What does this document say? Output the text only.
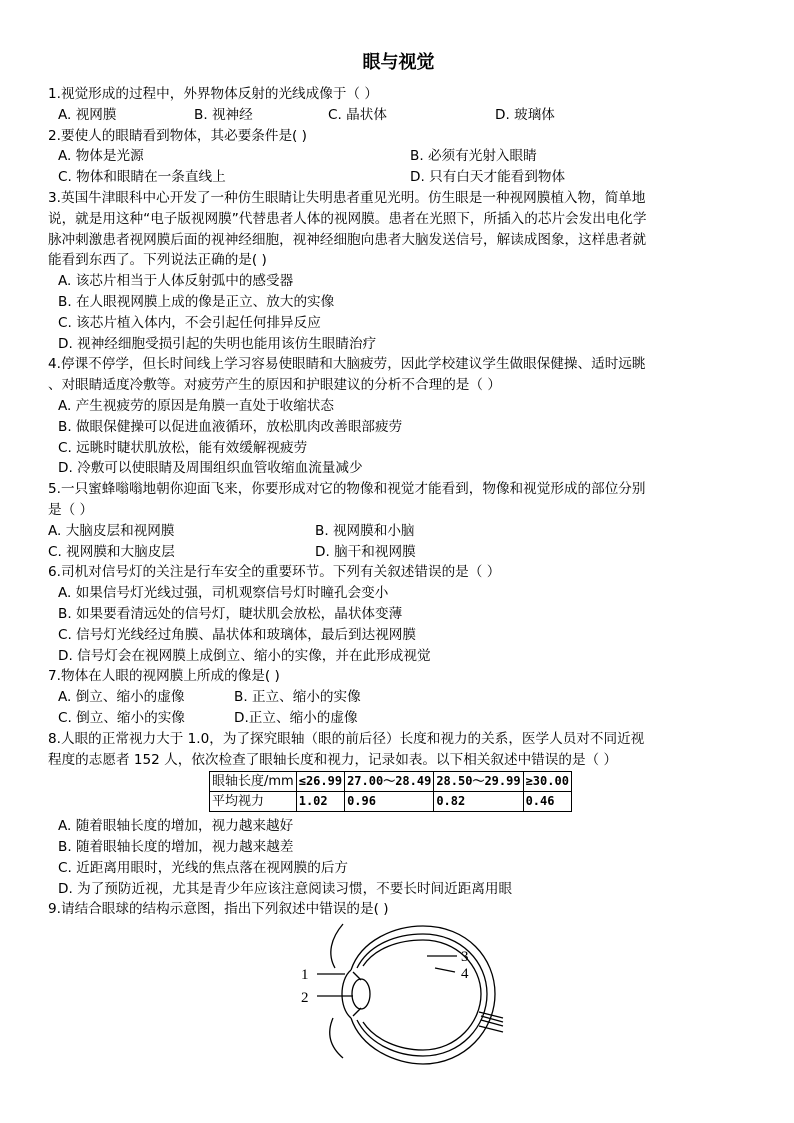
眼与视觉

1.视觉形成的过程中，外界物体反射的光线成像于（ ）

A. 视网膜	B. 视神经	C. 晶状体	D. 玻璃体

2.要使人的眼睛看到物体，其必要条件是( )

A. 物体是光源	B. 必须有光射入眼睛
C. 物体和眼睛在一条直线上	D. 只有白天才能看到物体

3.英国牛津眼科中心开发了一种仿生眼睛让失明患者重见光明。仿生眼是一种视网膜植入物，简单地

说，就是用这种“电子版视网膜”代替患者人体的视网膜。患者在光照下，所插入的芯片会发出电化学

脉冲刺激患者视网膜后面的视神经细胞，视神经细胞向患者大脑发送信号，解读成图象，这样患者就

能看到东西了。下列说法正确的是( )

A. 该芯片相当于人体反射弧中的感受器

B. 在人眼视网膜上成的像是正立、放大的实像

C. 该芯片植入体内，不会引起任何排异反应

D. 视神经细胞受损引起的失明也能用该仿生眼睛治疗

4.停课不停学，但长时间线上学习容易使眼睛和大脑疲劳，因此学校建议学生做眼保健操、适时远眺

、对眼睛适度冷敷等。对疲劳产生的原因和护眼建议的分析不合理的是（ ）

A. 产生视疲劳的原因是角膜一直处于收缩状态

B. 做眼保健操可以促进血液循环，放松肌肉改善眼部疲劳

C. 远眺时睫状肌放松，能有效缓解视疲劳

D. 冷敷可以使眼睛及周围组织血管收缩血流量减少

5.一只蜜蜂嗡嗡地朝你迎面飞来，你要形成对它的物像和视觉才能看到，物像和视觉形成的部位分别

是（ ）

A. 大脑皮层和视网膜	B. 视网膜和小脑
C. 视网膜和大脑皮层	D. 脑干和视网膜

6.司机对信号灯的关注是行车安全的重要环节。下列有关叙述错误的是（ ）

A. 如果信号灯光线过强，司机观察信号灯时瞳孔会变小

B. 如果要看清远处的信号灯，睫状肌会放松，晶状体变薄

C. 信号灯光线经过角膜、晶状体和玻璃体，最后到达视网膜

D. 信号灯会在视网膜上成倒立、缩小的实像，并在此形成视觉

7.物体在人眼的视网膜上所成的像是( )

A. 倒立、缩小的虚像	B. 正立、缩小的实像
C. 倒立、缩小的实像	D.正立、缩小的虚像

8.人眼的正常视力大于 1.0，为了探究眼轴（眼的前后径）长度和视力的关系，医学人员对不同近视

程度的志愿者 152 人，依次检查了眼轴长度和视力，记录如表。以下相关叙述中错误的是（ ）

眼轴长度/mm	≤26.99	27.00～28.49	28.50～29.99	≥30.00
平均视力	1.02	0.96	0.82	0.46

A. 随着眼轴长度的增加，视力越来越好

B. 随着眼轴长度的增加，视力越来越差

C. 近距离用眼时，光线的焦点落在视网膜的后方

D. 为了预防近视，尤其是青少年应该注意阅读习惯，不要长时间近距离用眼

9.请结合眼球的结构示意图，指出下列叙述中错误的是( )

1
2
3
4
